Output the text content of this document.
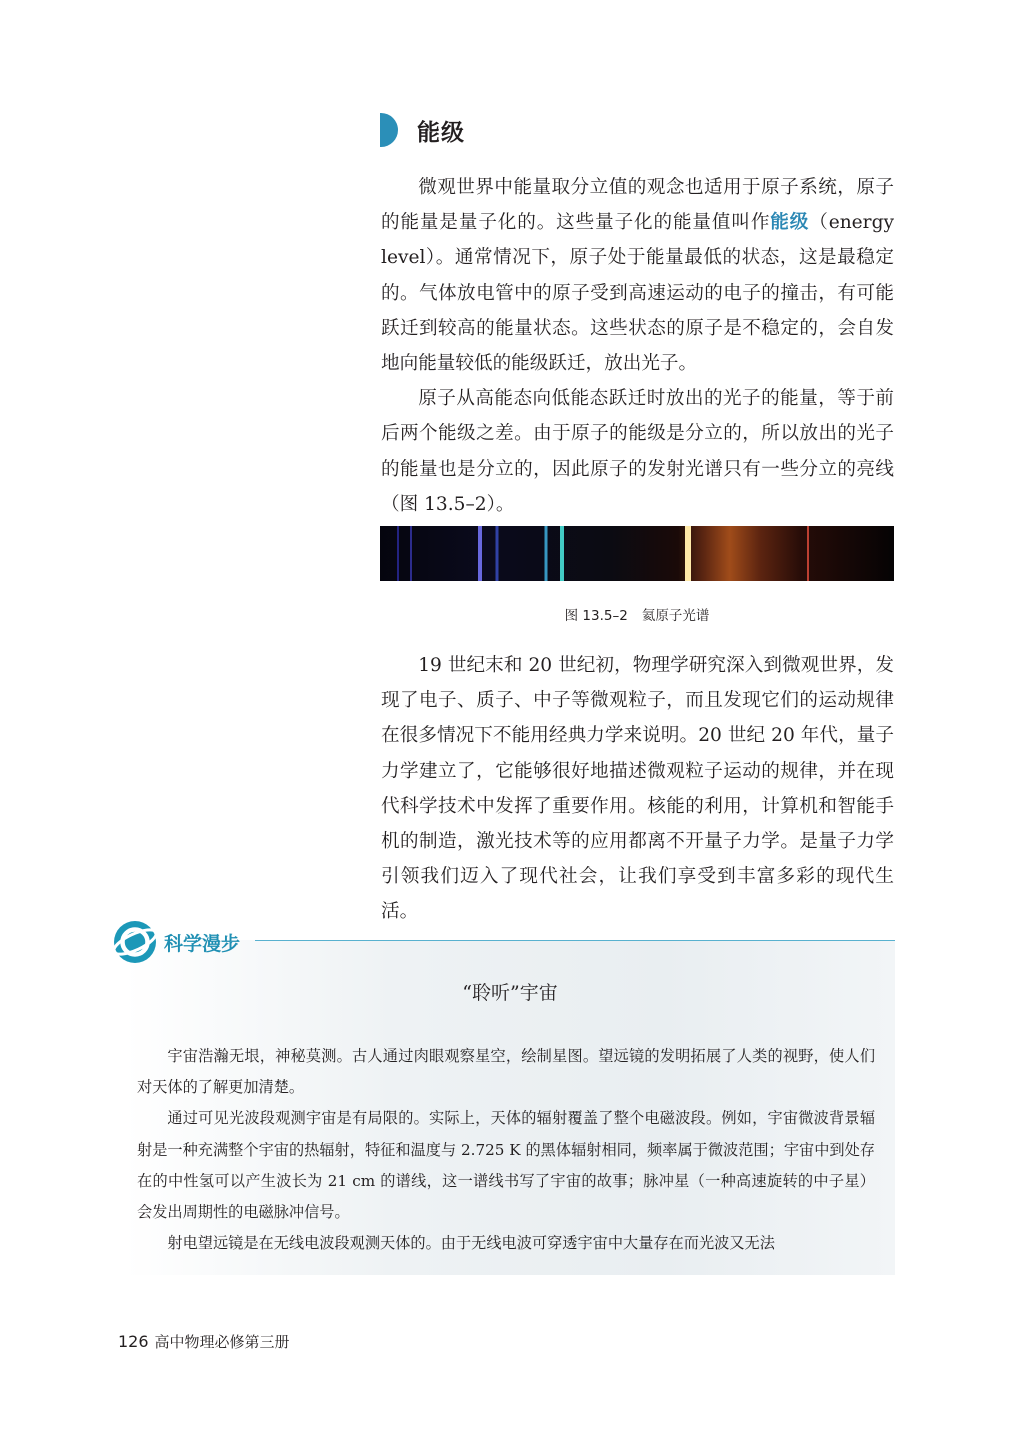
能级

微观世界中能量取分立值的观念也适用于原子系统，原子的能量是量子化的。这些量子化的能量值叫作能级（energy level）。通常情况下，原子处于能量最低的状态，这是最稳定的。气体放电管中的原子受到高速运动的电子的撞击，有可能跃迁到较高的能量状态。这些状态的原子是不稳定的，会自发地向能量较低的能级跃迁，放出光子。

原子从高能态向低能态跃迁时放出的光子的能量，等于前后两个能级之差。由于原子的能级是分立的，所以放出的光子的能量也是分立的，因此原子的发射光谱只有一些分立的亮线（图 13.5–2）。

图 13.5–2 氦原子光谱

19 世纪末和 20 世纪初，物理学研究深入到微观世界，发现了电子、质子、中子等微观粒子，而且发现它们的运动规律在很多情况下不能用经典力学来说明。20 世纪 20 年代，量子力学建立了，它能够很好地描述微观粒子运动的规律，并在现代科学技术中发挥了重要作用。核能的利用，计算机和智能手机的制造，激光技术等的应用都离不开量子力学。是量子力学引领我们迈入了现代社会，让我们享受到丰富多彩的现代生活。

科学漫步
“聆听”宇宙

宇宙浩瀚无垠，神秘莫测。古人通过肉眼观察星空，绘制星图。望远镜的发明拓展了人类的视野，使人们对天体的了解更加清楚。

通过可见光波段观测宇宙是有局限的。实际上，天体的辐射覆盖了整个电磁波段。例如，宇宙微波背景辐射是一种充满整个宇宙的热辐射，特征和温度与 2.725 K 的黑体辐射相同，频率属于微波范围；宇宙中到处存在的中性氢可以产生波长为 21 cm 的谱线，这一谱线书写了宇宙的故事；脉冲星（一种高速旋转的中子星）会发出周期性的电磁脉冲信号。

射电望远镜是在无线电波段观测天体的。由于无线电波可穿透宇宙中大量存在而光波又无法

126 高中物理必修第三册
